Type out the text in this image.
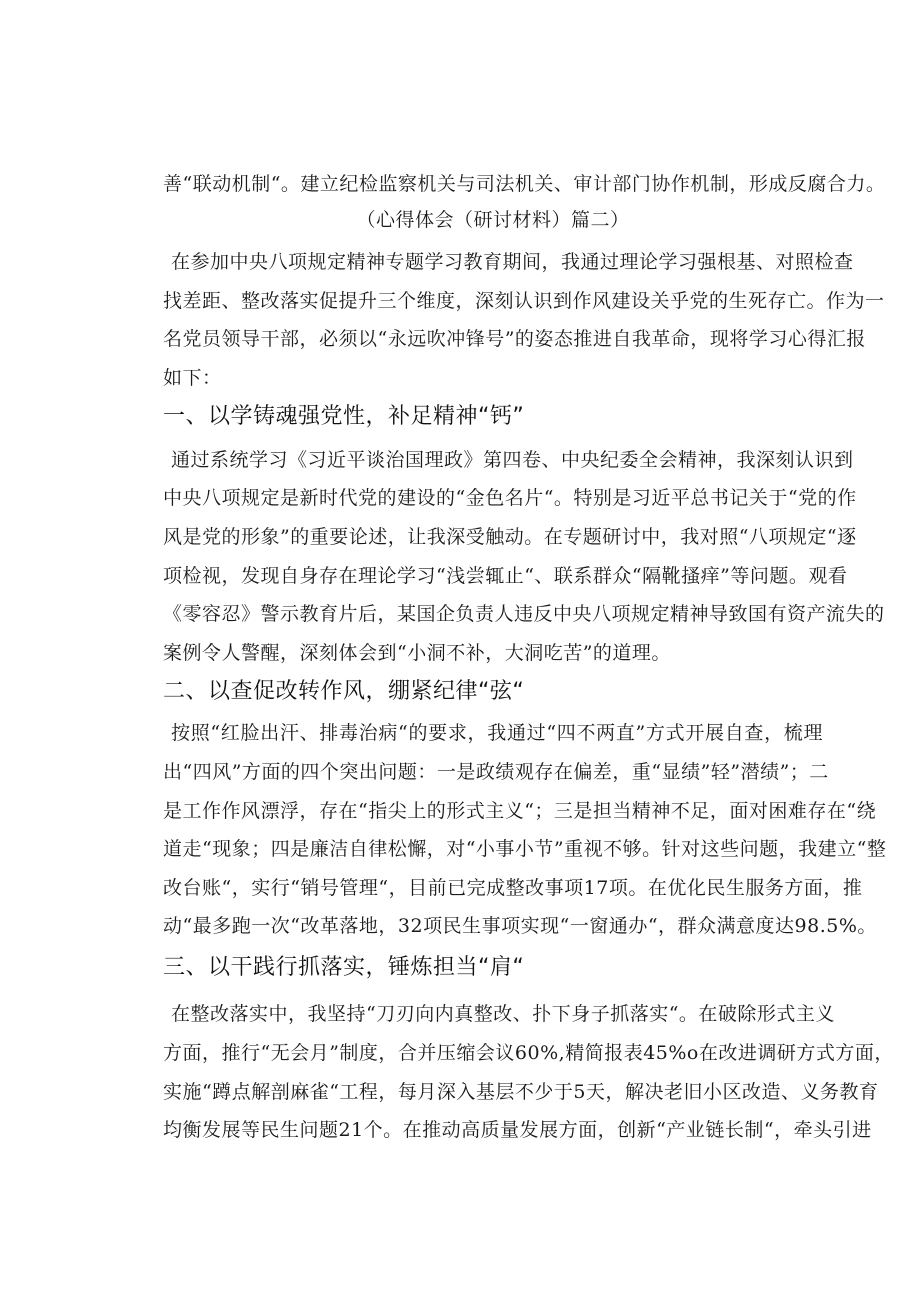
善“联动机制“。建立纪检监察机关与司法机关、审计部门协作机制，形成反腐合力。
（心得体会（研讨材料）篇二）
在参加中央八项规定精神专题学习教育期间，我通过理论学习强根基、对照检查
找差距、整改落实促提升三个维度，深刻认识到作风建设关乎党的生死存亡。作为一
名党员领导干部，必须以“永远吹冲锋号”的姿态推进自我革命，现将学习心得汇报
如下：
一、以学铸魂强党性，补足精神“钙”
通过系统学习《习近平谈治国理政》第四卷、中央纪委全会精神，我深刻认识到
中央八项规定是新时代党的建设的“金色名片“。特别是习近平总书记关于“党的作
风是党的形象”的重要论述，让我深受触动。在专题研讨中，我对照“八项规定“逐
项检视，发现自身存在理论学习“浅尝辄止“、联系群众“隔靴搔痒”等问题。观看
《零容忍》警示教育片后，某国企负责人违反中央八项规定精神导致国有资产流失的
案例令人警醒，深刻体会到“小洞不补，大洞吃苦”的道理。
二、以查促改转作风，绷紧纪律“弦“
按照“红脸出汗、排毒治病“的要求，我通过“四不两直”方式开展自查，梳理
出“四风”方面的四个突出问题：一是政绩观存在偏差，重“显绩”轻”潜绩”；二
是工作作风漂浮，存在“指尖上的形式主义“；三是担当精神不足，面对困难存在“绕
道走“现象；四是廉洁自律松懈，对“小事小节”重视不够。针对这些问题，我建立“整
改台账“，实行“销号管理“，目前已完成整改事项17项。在优化民生服务方面，推
动“最多跑一次“改革落地，32项民生事项实现“一窗通办“，群众满意度达98.5%。
三、以干践行抓落实，锤炼担当“肩“
在整改落实中，我坚持“刀刃向内真整改、扑下身子抓落实“。在破除形式主义
方面，推行“无会月”制度，合并压缩会议60%,精简报表45%o在改进调研方式方面，
实施“蹲点解剖麻雀“工程，每月深入基层不少于5天，解决老旧小区改造、义务教育
均衡发展等民生问题21个。在推动高质量发展方面，创新“产业链长制“，牵头引进
